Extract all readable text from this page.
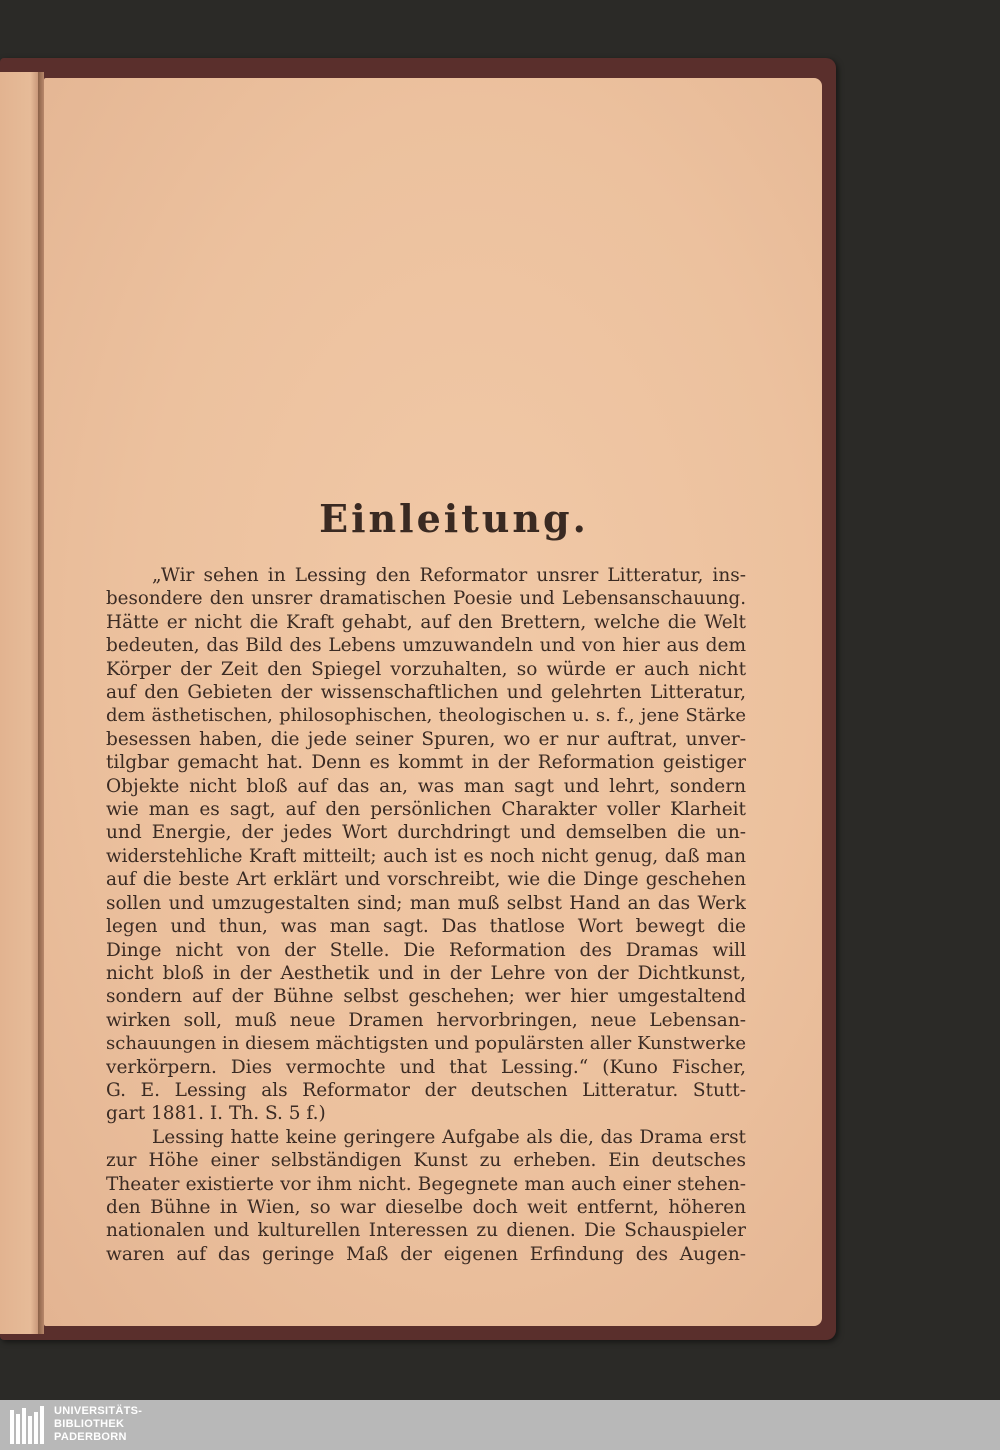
Einleitung.
„Wir sehen in Lessing den Reformator unsrer Litteratur, ins-
besondere den unsrer dramatischen Poesie und Lebensanschauung.
Hätte er nicht die Kraft gehabt, auf den Brettern, welche die Welt
bedeuten, das Bild des Lebens umzuwandeln und von hier aus dem
Körper der Zeit den Spiegel vorzuhalten, so würde er auch nicht
auf den Gebieten der wissenschaftlichen und gelehrten Litteratur,
dem ästhetischen, philosophischen, theologischen u. s. f., jene Stärke
besessen haben, die jede seiner Spuren, wo er nur auftrat, unver-
tilgbar gemacht hat. Denn es kommt in der Reformation geistiger
Objekte nicht bloß auf das an, was man sagt und lehrt, sondern
wie man es sagt, auf den persönlichen Charakter voller Klarheit
und Energie, der jedes Wort durchdringt und demselben die un-
widerstehliche Kraft mitteilt; auch ist es noch nicht genug, daß man
auf die beste Art erklärt und vorschreibt, wie die Dinge geschehen
sollen und umzugestalten sind; man muß selbst Hand an das Werk
legen und thun, was man sagt. Das thatlose Wort bewegt die
Dinge nicht von der Stelle. Die Reformation des Dramas will
nicht bloß in der Aesthetik und in der Lehre von der Dichtkunst,
sondern auf der Bühne selbst geschehen; wer hier umgestaltend
wirken soll, muß neue Dramen hervorbringen, neue Lebensan-
schauungen in diesem mächtigsten und populärsten aller Kunstwerke
verkörpern. Dies vermochte und that Lessing.“ (Kuno Fischer,
G. E. Lessing als Reformator der deutschen Litteratur. Stutt-
gart 1881. I. Th. S. 5 f.)
Lessing hatte keine geringere Aufgabe als die, das Drama erst
zur Höhe einer selbständigen Kunst zu erheben. Ein deutsches
Theater existierte vor ihm nicht. Begegnete man auch einer stehen-
den Bühne in Wien, so war dieselbe doch weit entfernt, höheren
nationalen und kulturellen Interessen zu dienen. Die Schauspieler
waren auf das geringe Maß der eigenen Erfindung des Augen-
UNIVERSITÄTS-
BIBLIOTHEK
PADERBORN
